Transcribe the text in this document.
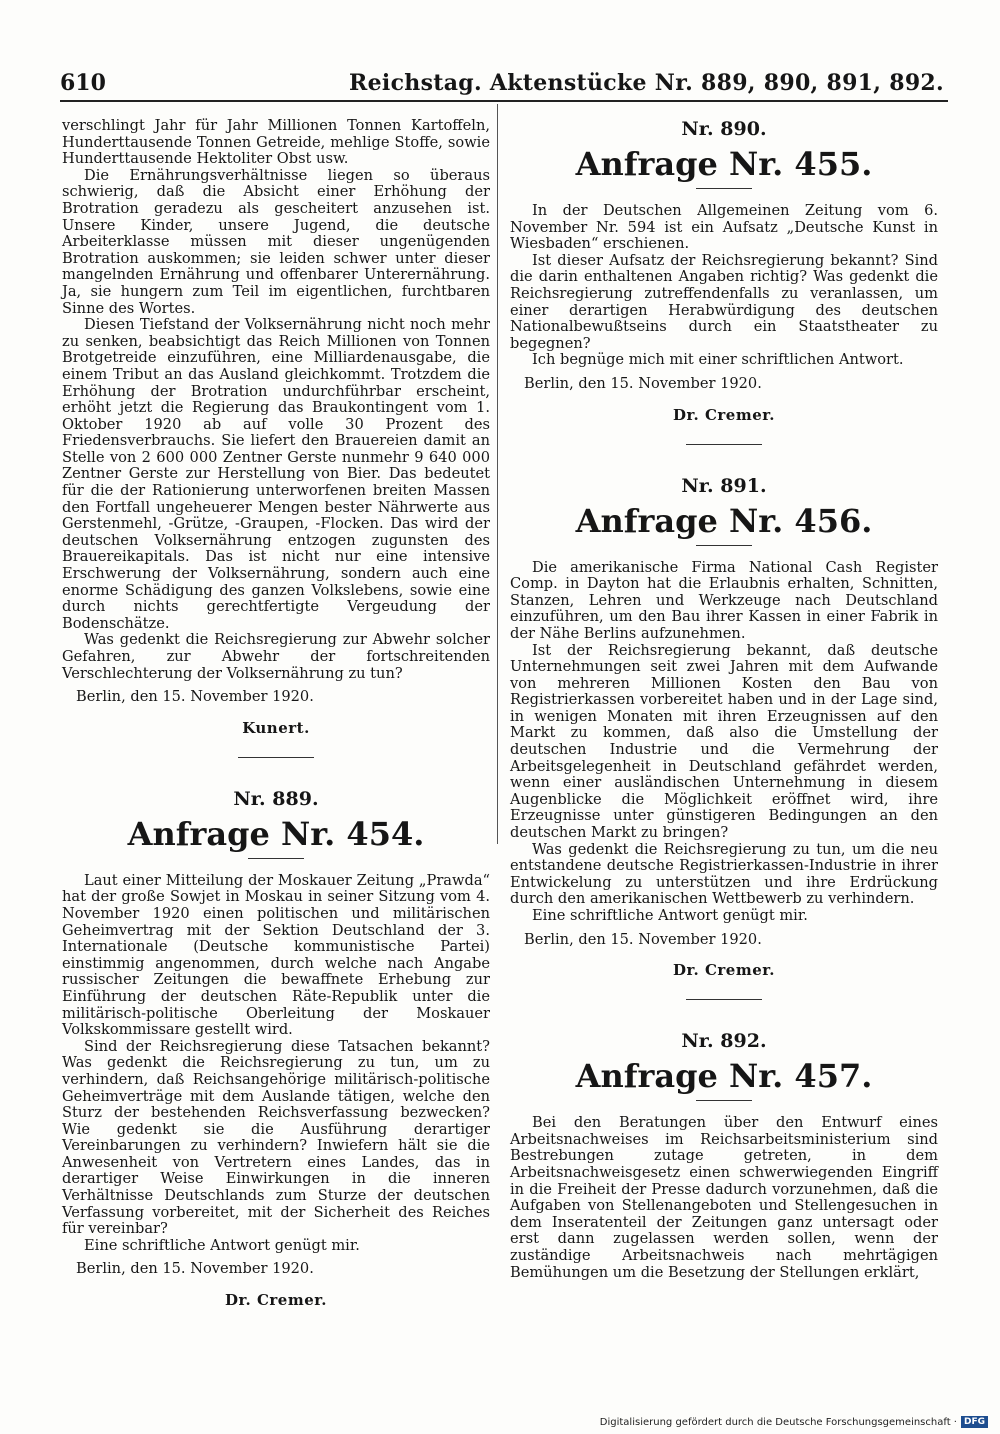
610	Reichstag. Aktenstücke Nr. 889, 890, 891, 892.

verschlingt Jahr für Jahr Millionen Tonnen Kartoffeln, Hunderttausende Tonnen Getreide, mehlige Stoffe, sowie Hunderttausende Hektoliter Obst usw.

Die Ernährungsverhältnisse liegen so überaus schwierig, daß die Absicht einer Erhöhung der Brotration geradezu als gescheitert anzusehen ist. Unsere Kinder, unsere Jugend, die deutsche Arbeiterklasse müssen mit dieser ungenügenden Brotration auskommen; sie leiden schwer unter dieser mangelnden Ernährung und offenbarer Unterernährung. Ja, sie hungern zum Teil im eigentlichen, furchtbaren Sinne des Wortes.

Diesen Tiefstand der Volksernährung nicht noch mehr zu senken, beabsichtigt das Reich Millionen von Tonnen Brotgetreide einzuführen, eine Milliardenausgabe, die einem Tribut an das Ausland gleichkommt. Trotzdem die Erhöhung der Brotration undurchführbar erscheint, erhöht jetzt die Regierung das Braukontingent vom 1. Oktober 1920 ab auf volle 30 Prozent des Friedensverbrauchs. Sie liefert den Brauereien damit an Stelle von 2 600 000 Zentner Gerste nunmehr 9 640 000 Zentner Gerste zur Herstellung von Bier. Das bedeutet für die der Rationierung unterworfenen breiten Massen den Fortfall ungeheuerer Mengen bester Nährwerte aus Gerstenmehl, -Grütze, -Graupen, -Flocken. Das wird der deutschen Volksernährung entzogen zugunsten des Brauereikapitals. Das ist nicht nur eine intensive Erschwerung der Volksernährung, sondern auch eine enorme Schädigung des ganzen Volkslebens, sowie eine durch nichts gerechtfertigte Vergeudung der Bodenschätze.

Was gedenkt die Reichsregierung zur Abwehr solcher Gefahren, zur Abwehr der fortschreitenden Verschlechterung der Volksernährung zu tun?

Berlin, den 15. November 1920.

Kunert.
Nr. 889.
Anfrage Nr. 454.

Laut einer Mitteilung der Moskauer Zeitung „Prawda“ hat der große Sowjet in Moskau in seiner Sitzung vom 4. November 1920 einen politischen und militärischen Geheimvertrag mit der Sektion Deutschland der 3. Internationale (Deutsche kommunistische Partei) einstimmig angenommen, durch welche nach Angabe russischer Zeitungen die bewaffnete Erhebung zur Einführung der deutschen Räte-Republik unter die militärisch-politische Oberleitung der Moskauer Volkskommissare gestellt wird.

Sind der Reichsregierung diese Tatsachen bekannt? Was gedenkt die Reichsregierung zu tun, um zu verhindern, daß Reichsangehörige militärisch-politische Geheimverträge mit dem Auslande tätigen, welche den Sturz der bestehenden Reichsverfassung bezwecken? Wie gedenkt sie die Ausführung derartiger Vereinbarungen zu verhindern? Inwiefern hält sie die Anwesenheit von Vertretern eines Landes, das in derartiger Weise Einwirkungen in die inneren Verhältnisse Deutschlands zum Sturze der deutschen Verfassung vorbereitet, mit der Sicherheit des Reiches für vereinbar?

Eine schriftliche Antwort genügt mir.

Berlin, den 15. November 1920.

Dr. Cremer.
Nr. 890.
Anfrage Nr. 455.

In der Deutschen Allgemeinen Zeitung vom 6. November Nr. 594 ist ein Aufsatz „Deutsche Kunst in Wiesbaden“ erschienen.

Ist dieser Aufsatz der Reichsregierung bekannt? Sind die darin enthaltenen Angaben richtig? Was gedenkt die Reichsregierung zutreffendenfalls zu veranlassen, um einer derartigen Herabwürdigung des deutschen Nationalbewußtseins durch ein Staatstheater zu begegnen?

Ich begnüge mich mit einer schriftlichen Antwort.

Berlin, den 15. November 1920.

Dr. Cremer.
Nr. 891.
Anfrage Nr. 456.

Die amerikanische Firma National Cash Register Comp. in Dayton hat die Erlaubnis erhalten, Schnitten, Stanzen, Lehren und Werkzeuge nach Deutschland einzuführen, um den Bau ihrer Kassen in einer Fabrik in der Nähe Berlins aufzunehmen.

Ist der Reichsregierung bekannt, daß deutsche Unternehmungen seit zwei Jahren mit dem Aufwande von mehreren Millionen Kosten den Bau von Registrierkassen vorbereitet haben und in der Lage sind, in wenigen Monaten mit ihren Erzeugnissen auf den Markt zu kommen, daß also die Umstellung der deutschen Industrie und die Vermehrung der Arbeitsgelegenheit in Deutschland gefährdet werden, wenn einer ausländischen Unternehmung in diesem Augenblicke die Möglichkeit eröffnet wird, ihre Erzeugnisse unter günstigeren Bedingungen an den deutschen Markt zu bringen?

Was gedenkt die Reichsregierung zu tun, um die neu entstandene deutsche Registrierkassen-Industrie in ihrer Entwickelung zu unterstützen und ihre Erdrückung durch den amerikanischen Wettbewerb zu verhindern.

Eine schriftliche Antwort genügt mir.

Berlin, den 15. November 1920.

Dr. Cremer.
Nr. 892.
Anfrage Nr. 457.

Bei den Beratungen über den Entwurf eines Arbeitsnachweises im Reichsarbeitsministerium sind Bestrebungen zutage getreten, in dem Arbeitsnachweisgesetz einen schwerwiegenden Eingriff in die Freiheit der Presse dadurch vorzunehmen, daß die Aufgaben von Stellenangeboten und Stellengesuchen in dem Inseratenteil der Zeitungen ganz untersagt oder erst dann zugelassen werden sollen, wenn der zuständige Arbeitsnachweis nach mehrtägigen Bemühungen um die Besetzung der Stellungen erklärt,

Digitalisierung gefördert durch die Deutsche Forschungsgemeinschaft · DFG
